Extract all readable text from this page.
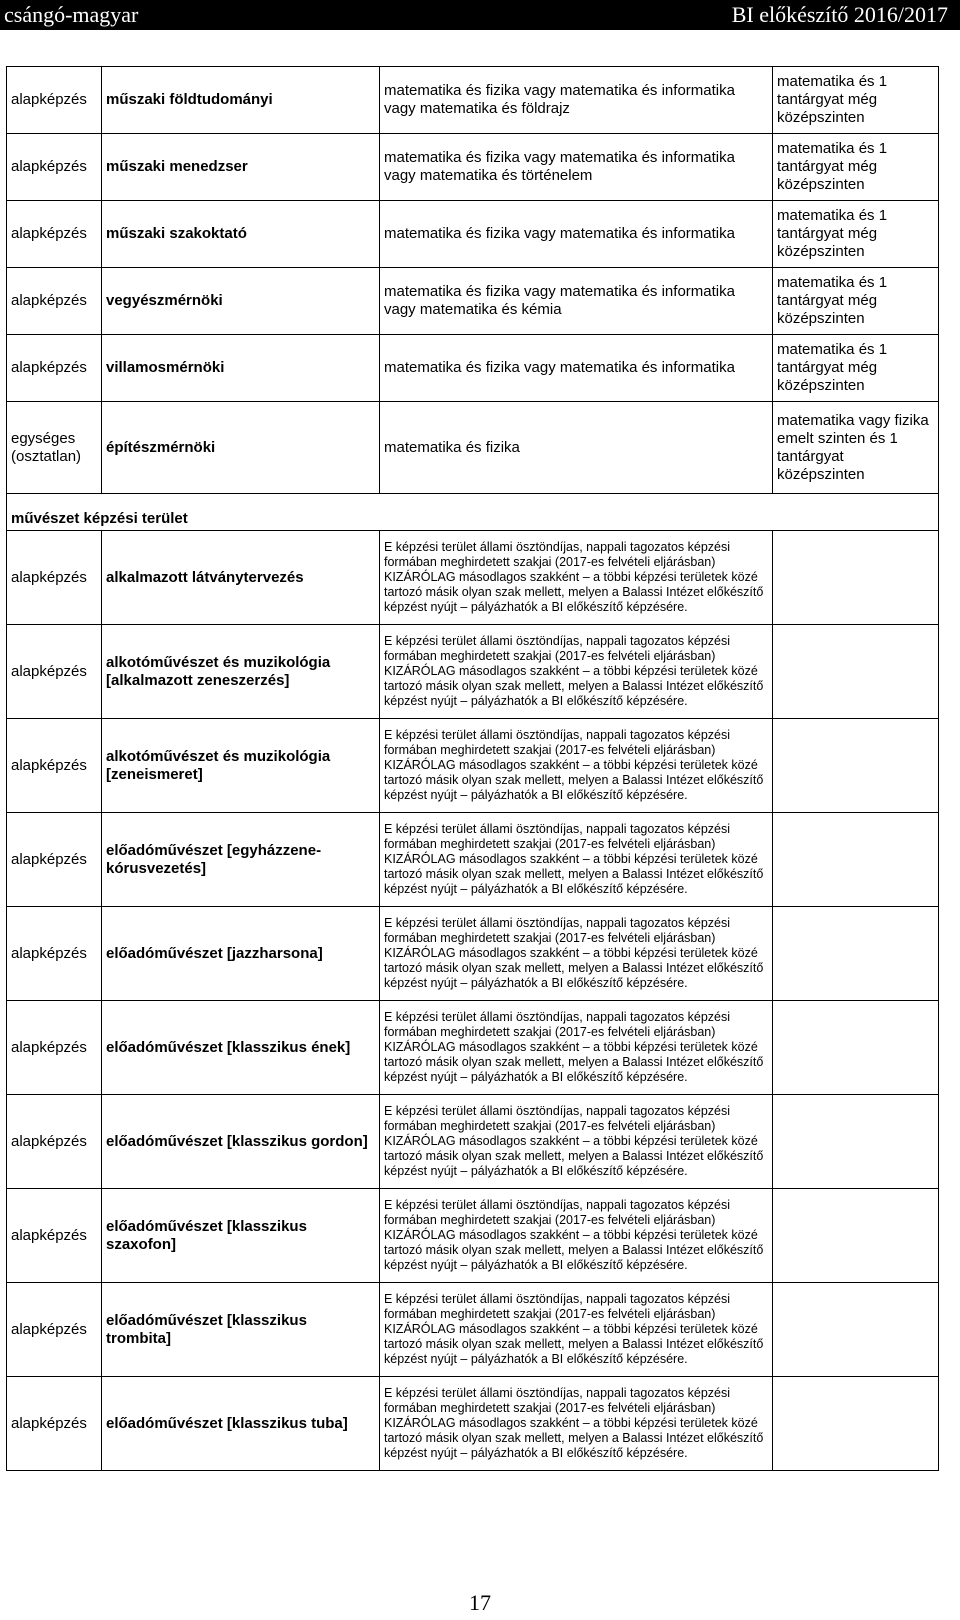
csángó-magyar	BI előkészítő 2016/2017
alapképzés	műszaki földtudományi	matematika és fizika vagy matematika és informatika vagy matematika és földrajz	matematika és 1 tantárgyat még középszinten
alapképzés	műszaki menedzser	matematika és fizika vagy matematika és informatika vagy matematika és történelem	matematika és 1 tantárgyat még középszinten
alapképzés	műszaki szakoktató	matematika és fizika vagy matematika és informatika	matematika és 1 tantárgyat még középszinten
alapképzés	vegyészmérnöki	matematika és fizika vagy matematika és informatika vagy matematika és kémia	matematika és 1 tantárgyat még középszinten
alapképzés	villamosmérnöki	matematika és fizika vagy matematika és informatika	matematika és 1 tantárgyat még középszinten
egységes (osztatlan)	építészmérnöki	matematika és fizika	matematika vagy fizika emelt szinten és 1 tantárgyat középszinten
művészet képzési terület			
alapképzés	alkalmazott látványtervezés	E képzési terület állami ösztöndíjas, nappali tagozatos képzési formában meghirdetett szakjai (2017-es felvételi eljárásban) KIZÁRÓLAG másodlagos szakként – a többi képzési területek közé tartozó másik olyan szak mellett, melyen a Balassi Intézet előkészítő képzést nyújt – pályázhatók a BI előkészítő képzésére.	
alapképzés	alkotóművészet és muzikológia [alkalmazott zeneszerzés]	E képzési terület állami ösztöndíjas, nappali tagozatos képzési formában meghirdetett szakjai (2017-es felvételi eljárásban) KIZÁRÓLAG másodlagos szakként – a többi képzési területek közé tartozó másik olyan szak mellett, melyen a Balassi Intézet előkészítő képzést nyújt – pályázhatók a BI előkészítő képzésére.	
alapképzés	alkotóművészet és muzikológia [zeneismeret]	E képzési terület állami ösztöndíjas, nappali tagozatos képzési formában meghirdetett szakjai (2017-es felvételi eljárásban) KIZÁRÓLAG másodlagos szakként – a többi képzési területek közé tartozó másik olyan szak mellett, melyen a Balassi Intézet előkészítő képzést nyújt – pályázhatók a BI előkészítő képzésére.	
alapképzés	előadóművészet [egyházzene-kórusvezetés]	E képzési terület állami ösztöndíjas, nappali tagozatos képzési formában meghirdetett szakjai (2017-es felvételi eljárásban) KIZÁRÓLAG másodlagos szakként – a többi képzési területek közé tartozó másik olyan szak mellett, melyen a Balassi Intézet előkészítő képzést nyújt – pályázhatók a BI előkészítő képzésére.	
alapképzés	előadóművészet [jazzharsona]	E képzési terület állami ösztöndíjas, nappali tagozatos képzési formában meghirdetett szakjai (2017-es felvételi eljárásban) KIZÁRÓLAG másodlagos szakként – a többi képzési területek közé tartozó másik olyan szak mellett, melyen a Balassi Intézet előkészítő képzést nyújt – pályázhatók a BI előkészítő képzésére.	
alapképzés	előadóművészet [klasszikus ének]	E képzési terület állami ösztöndíjas, nappali tagozatos képzési formában meghirdetett szakjai (2017-es felvételi eljárásban) KIZÁRÓLAG másodlagos szakként – a többi képzési területek közé tartozó másik olyan szak mellett, melyen a Balassi Intézet előkészítő képzést nyújt – pályázhatók a BI előkészítő képzésére.	
alapképzés	előadóművészet [klasszikus gordon]	E képzési terület állami ösztöndíjas, nappali tagozatos képzési formában meghirdetett szakjai (2017-es felvételi eljárásban) KIZÁRÓLAG másodlagos szakként – a többi képzési területek közé tartozó másik olyan szak mellett, melyen a Balassi Intézet előkészítő képzést nyújt – pályázhatók a BI előkészítő képzésére.	
alapképzés	előadóművészet [klasszikus szaxofon]	E képzési terület állami ösztöndíjas, nappali tagozatos képzési formában meghirdetett szakjai (2017-es felvételi eljárásban) KIZÁRÓLAG másodlagos szakként – a többi képzési területek közé tartozó másik olyan szak mellett, melyen a Balassi Intézet előkészítő képzést nyújt – pályázhatók a BI előkészítő képzésére.	
alapképzés	előadóművészet [klasszikus trombita]	E képzési terület állami ösztöndíjas, nappali tagozatos képzési formában meghirdetett szakjai (2017-es felvételi eljárásban) KIZÁRÓLAG másodlagos szakként – a többi képzési területek közé tartozó másik olyan szak mellett, melyen a Balassi Intézet előkészítő képzést nyújt – pályázhatók a BI előkészítő képzésére.	
alapképzés	előadóművészet [klasszikus tuba]	E képzési terület állami ösztöndíjas, nappali tagozatos képzési formában meghirdetett szakjai (2017-es felvételi eljárásban) KIZÁRÓLAG másodlagos szakként – a többi képzési területek közé tartozó másik olyan szak mellett, melyen a Balassi Intézet előkészítő képzést nyújt – pályázhatók a BI előkészítő képzésére.	
17
